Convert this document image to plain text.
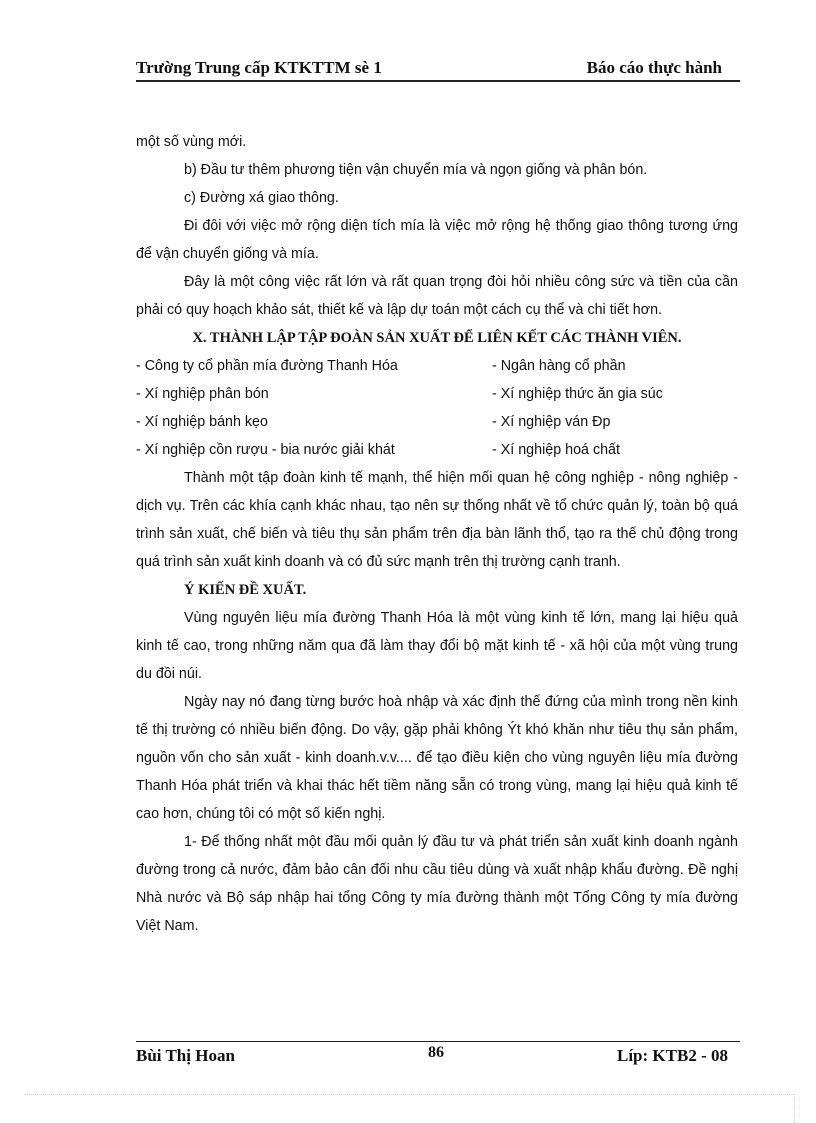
Trường Trung cấp KTKTTM sè 1	Báo cáo thực hành

một số vùng mới.

b) Đầu tư thêm phương tiện vận chuyển mía và ngọn giống và phân bón.

c) Đường xá giao thông.

Đi đôi với việc mở rộng diện tích mía là việc mở rộng hệ thống giao thông tương ứng để vận chuyển giống và mía.

Đây là một công việc rất lớn và rất quan trọng đòi hỏi nhiều công sức và tiền của cần phải có quy hoạch khảo sát, thiết kế và lập dự toán một cách cụ thể và chi tiết hơn.

X. THÀNH LẬP TẬP ĐOÀN SẢN XUẤT ĐỂ LIÊN KẾT CÁC THÀNH VIÊN.

- Công ty cổ phần mía đường Thanh Hóa	- Ngân hàng cổ phần
- Xí nghiệp phân bón	- Xí nghiệp thức ăn gia súc
- Xí nghiệp bánh kẹo	- Xí nghiệp ván Đp
- Xí nghiệp cồn rượu - bia nước giải khát	- Xí nghiệp hoá chất

Thành một tập đoàn kinh tế mạnh, thể hiện mối quan hệ công nghiệp - nông nghiệp - dịch vụ. Trên các khía cạnh khác nhau, tạo nên sự thống nhất về tổ chức quản lý, toàn bộ quá trình sản xuất, chế biến và tiêu thụ sản phẩm trên địa bàn lãnh thổ, tạo ra thế chủ động trong quá trình sản xuất kinh doanh và có đủ sức mạnh trên thị trường cạnh tranh.

Ý KIẾN ĐỀ XUẤT.

Vùng nguyên liệu mía đường Thanh Hóa là một vùng kinh tế lớn, mang lại hiệu quả kinh tế cao, trong những năm qua đã làm thay đổi bộ mặt kinh tế - xã hội của một vùng trung du đồi núi.

Ngày nay nó đang từng bước hoà nhập và xác định thế đứng của mình trong nền kinh tế thị trường có nhiều biến động. Do vậy, gặp phải không Ýt khó khăn như tiêu thụ sản phẩm, nguồn vốn cho sản xuất - kinh doanh.v.v.... để tạo điều kiện cho vùng nguyên liệu mía đường Thanh Hóa phát triển và khai thác hết tiềm năng sẵn có trong vùng, mang lại hiệu quả kinh tế cao hơn, chúng tôi có một số kiến nghị.

1- Để thống nhất một đầu mối quản lý đầu tư và phát triển sản xuất kinh doanh ngành đường trong cả nước, đảm bảo cân đối nhu cầu tiêu dùng và xuất nhập khẩu đường. Đề nghị Nhà nước và Bộ sáp nhập hai tổng Công ty mía đường thành một Tổng Công ty mía đường Việt Nam.

Bùi Thị Hoan	86	Líp: KTB2 - 08
